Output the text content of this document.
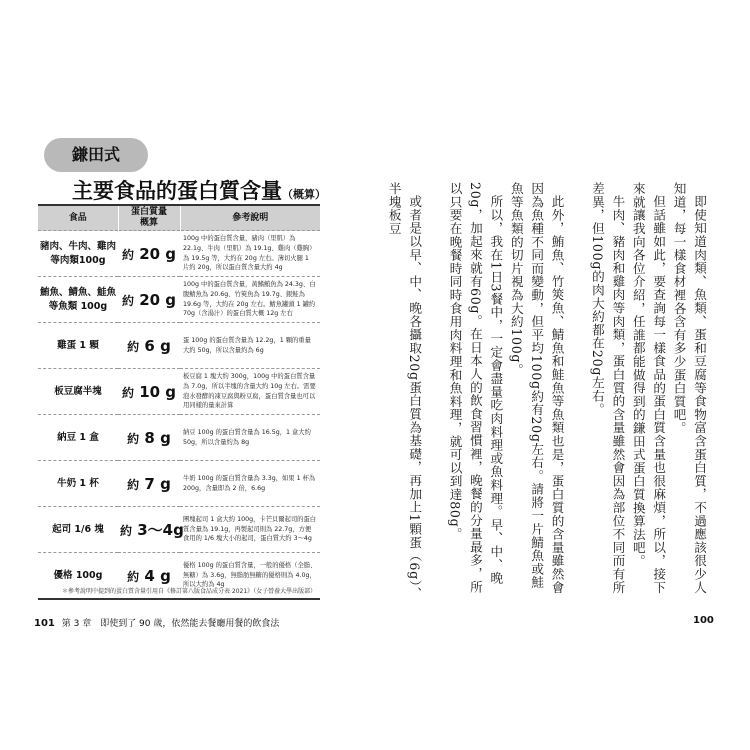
鎌田式
主要食品的蛋白質含量（概算）
食品	蛋白質量
概算	參考說明
豬肉、牛肉、雞肉
等肉類100g	約 20 g	100g 中的蛋白質含量，豬肉（里肌）為 22.1g、牛肉（里肌）為 19.1g、雞肉（雞胸）為 19.5g 等，大約在 20g 左右。薄切火腿 1 片約 20g，所以蛋白質含量大約 4g
鮪魚、鯖魚、鮭魚
等魚類 100g	約 20 g	100g 中的蛋白質含量，黃鰭鮪魚為 24.3g、白腹鯖魚為 20.6g、竹筴魚為 19.7g、銀鮭為 19.6g 等，大約在 20g 左右。鯖魚罐頭 1 罐約 70g（含湯汁）的蛋白質大概 12g 左右
雞蛋 1 顆	約 6 g	蛋 100g 的蛋白質含量為 12.2g，1 顆的重量大約 50g，所以含量約為 6g
板豆腐半塊	約 10 g	板豆腐 1 塊大約 300g，100g 中的蛋白質含量為 7.0g，所以半塊的含量大約 10g 左右。需要泡水發酵的凍豆腐與粉豆腐，蛋白質含量也可以用同樣的量來計算
納豆 1 盒	約 8 g	納豆 100g 的蛋白質含量為 16.5g，1 盒大約 50g，所以含量約為 8g
牛奶 1 杯	約 7 g	牛奶 100g 的蛋白質含量為 3.3g，如果 1 杯為 200g，含量即為 2 倍，6.6g
起司 1/6 塊	約 3～4g	團塊起司 1 盒大約 100g，卡芒貝爾起司的蛋白質含量為 19.1g，再製起司則為 22.7g，方便食用的 1/6 塊大小的起司，蛋白質大約 3～4g
優格 100g	約 4 g	優格 100g 的蛋白質含量，一般的優格（全脂、無糖）為 3.6g，無脂肪無糖的優格則為 4.0g，所以大約為 4g
＊參考說明中提到的蛋白質含量引用自《修訂第八版食品成分表 2021》（女子營養大學出版部）
101 第 3 章　即使到了 90 歲，依然能去餐廳用餐的飲食法

即使知道肉類、魚類、蛋和豆腐等食物富含蛋白質，不過應該很少人知道，每一樣食材裡各含有多少蛋白質吧。

但話雖如此，要查詢每一樣食品的蛋白質含量也很麻煩，所以，接下來就讓我向各位介紹，任誰都能做得到的鎌田式蛋白質換算法吧。

牛肉、豬肉和雞肉等肉類，蛋白質的含量雖然會因為部位不同而有所差異，但100g的肉大約都在20g左右。

此外，鮪魚、竹筴魚、鯖魚和鮭魚等魚類也是，蛋白質的含量雖然會因為魚種不同而變動，但平均100g約有20g左右。請將一片鯖魚或鮭魚等魚類的切片視為大約100g。

所以，我在1日3餐中，一定會盡量吃肉料理或魚料理。早、中、晚20g，加起來就有60g。在日本人的飲食習慣裡，晚餐的分量最多，所以只要在晚餐時同時食用肉料理和魚料理，就可以到達80g。

或者是以早、中、晚各攝取20g蛋白質為基礎，再加上1顆蛋（6g）、半塊板豆

100
